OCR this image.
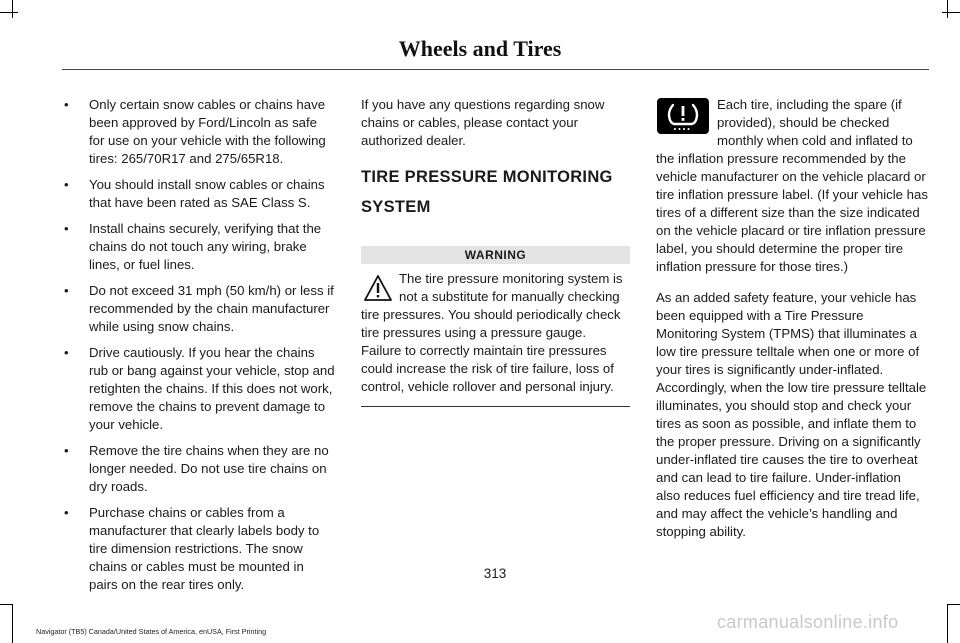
Wheels and Tires
• Only certain snow cables or chains have been approved by Ford/Lincoln as safe for use on your vehicle with the following tires: 265/70R17 and 275/65R18.
• You should install snow cables or chains that have been rated as SAE Class S.
• Install chains securely, verifying that the chains do not touch any wiring, brake lines, or fuel lines.
• Do not exceed 31 mph (50 km/h) or less if recommended by the chain manufacturer while using snow chains.
• Drive cautiously. If you hear the chains rub or bang against your vehicle, stop and retighten the chains. If this does not work, remove the chains to prevent damage to your vehicle.
• Remove the tire chains when they are no longer needed. Do not use tire chains on dry roads.
• Purchase chains or cables from a manufacturer that clearly labels body to tire dimension restrictions. The snow chains or cables must be mounted in pairs on the rear tires only.

If you have any questions regarding snow chains or cables, please contact your authorized dealer.

TIRE PRESSURE MONITORING
SYSTEM
WARNING
The tire pressure monitoring system is not a substitute for manually checking tire pressures. You should periodically check tire pressures using a pressure gauge. Failure to correctly maintain tire pressures could increase the risk of tire failure, loss of control, vehicle rollover and personal injury.

Each tire, including the spare (if provided), should be checked monthly when cold and inflated to the inflation pressure recommended by the vehicle manufacturer on the vehicle placard or tire inflation pressure label. (If your vehicle has tires of a different size than the size indicated on the vehicle placard or tire inflation pressure label, you should determine the proper tire inflation pressure for those tires.)

As an added safety feature, your vehicle has been equipped with a Tire Pressure Monitoring System (TPMS) that illuminates a low tire pressure telltale when one or more of your tires is significantly under-inflated. Accordingly, when the low tire pressure telltale illuminates, you should stop and check your tires as soon as possible, and inflate them to the proper pressure. Driving on a significantly under-inflated tire causes the tire to overheat and can lead to tire failure. Under-inflation also reduces fuel efficiency and tire tread life, and may affect the vehicle’s handling and stopping ability.

313
Navigator (TB5) Canada/United States of America, enUSA, First Printing	carmanualsonline.info
